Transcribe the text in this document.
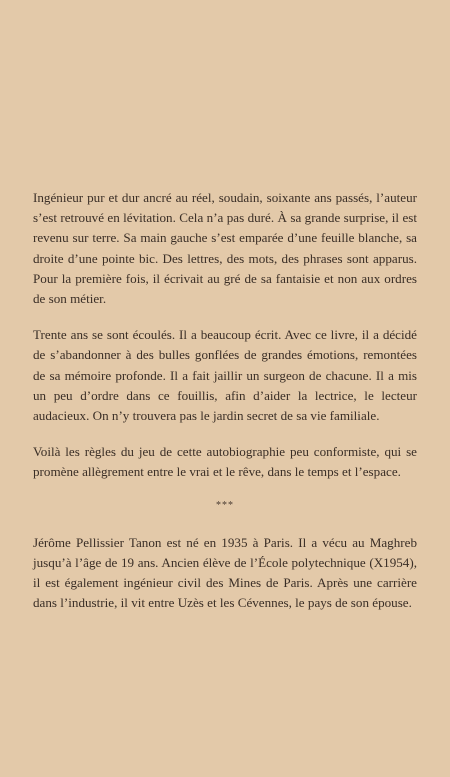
Ingénieur pur et dur ancré au réel, soudain, soixante ans passés, l’auteur s’est retrouvé en lévitation. Cela n’a pas duré. À sa grande surprise, il est revenu sur terre. Sa main gauche s’est emparée d’une feuille blanche, sa droite d’une pointe bic. Des lettres, des mots, des phrases sont apparus. Pour la première fois, il écrivait au gré de sa fantaisie et non aux ordres de son métier.

Trente ans se sont écoulés. Il a beaucoup écrit. Avec ce livre, il a décidé de s’abandonner à des bulles gonflées de grandes émotions, remontées de sa mémoire profonde. Il a fait jaillir un surgeon de chacune. Il a mis un peu d’ordre dans ce fouillis, afin d’aider la lectrice, le lecteur audacieux. On n’y trouvera pas le jardin secret de sa vie familiale.

Voilà les règles du jeu de cette autobiographie peu conformiste, qui se promène allègrement entre le vrai et le rêve, dans le temps et l’espace.

***

Jérôme Pellissier Tanon est né en 1935 à Paris. Il a vécu au Maghreb jusqu’à l’âge de 19 ans. Ancien élève de l’École polytechnique (X1954), il est également ingénieur civil des Mines de Paris. Après une carrière dans l’industrie, il vit entre Uzès et les Cévennes, le pays de son épouse.
